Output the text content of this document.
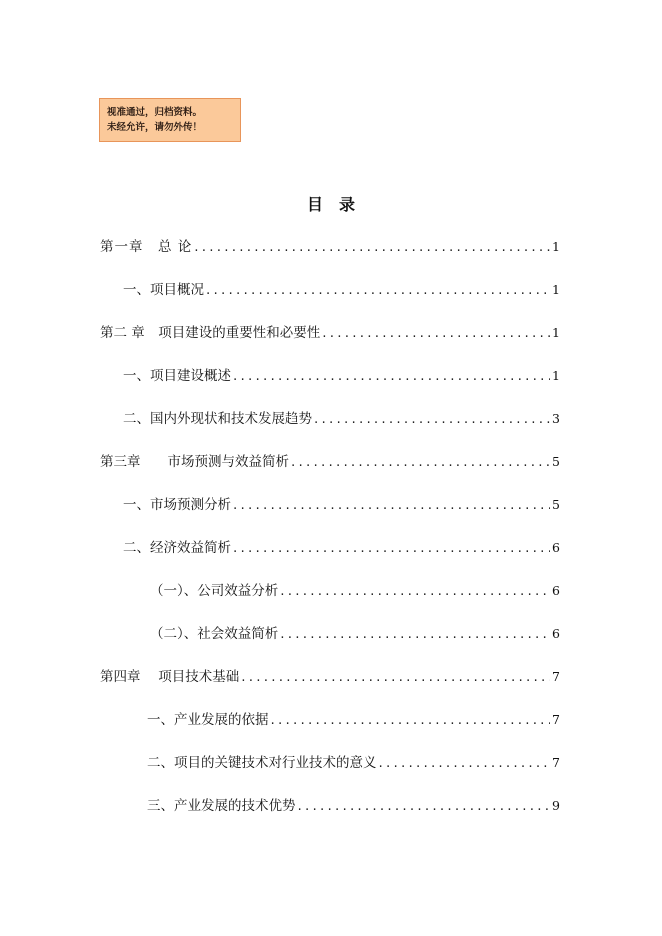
视准通过，归档资料。
未经允许，请勿外传！
目录
第一章　总 论 .....	1
一、项目概况 .....	1
第二 章　项目建设的重要性和必要性 .....	1
一、项目建设概述 .....	1
二、国内外现状和技术发展趋势 .....	3
第三章　　市场预测与效益简析 .....	5
一、市场预测分析 .....	5
二、经济效益简析 .....	6
（一）、公司效益分析 .....	6
（二）、社会效益简析 .....	6
第四章　 项目技术基础 .....	7
一、产业发展的依据 .....	7
二、项目的关键技术对行业技术的意义 .....	7
三、产业发展的技术优势 .....	9
